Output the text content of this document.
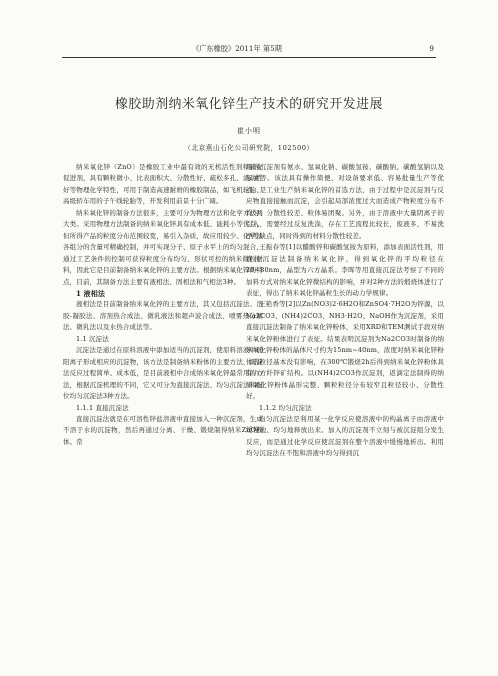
《广东橡胶》2011年 第5期	9
橡胶助剂纳米氧化锌生产技术的研究开发进展
崔小明
（北京燕山石化公司研究院，102500）

纳米氧化锌（ZnO）是橡胶工业中最有效的无机活性剂和硫化促进剂，具有颗粒微小、比表面积大、分散性好、疏松多孔、流动性好等物理化学特性，可用于制造高速耐磨的橡胶制品，如飞机轮胎、高级轿车用的子午线轮胎等，开发利用前景十分广阔。

纳米氧化锌的制备方法很多，主要可分为物理方法和化学方法两大类。采用物理方法制备的纳米氧化锌具有成本低、能耗小等优点，但所得产品的粒度分布范围较宽，易引入杂质，故应用较少。化学法各组分的含量可精确控制，并可实现分子、原子水平上的均匀混合，通过工艺条件的控制可获得粒度分布均匀、形状可控的纳米微粒材料，因此它是目前制备纳米氧化锌的主要方法。根据纳米氧化锌的特点，目前，其制备方法主要有液相法、固相法和气相法3种。

1 液相法

液相法是目前制备纳米氧化锌的主要方法，其又包括沉淀法、溶胶-凝胶法、溶剂热合成法、微乳液法和超声波合成法、喷雾热分解法、微乳法以及水热合成法等。

1.1 沉淀法

沉淀法是通过在原料溶液中添加适当的沉淀剂，使原料溶液中的阳离子形成相应的沉淀物，该方法是制备纳米粉体的主要方法，沉淀法反应过程简单、成本低，是目前液相中合成纳米氧化锌最常用的方法，根据沉淀机理的不同，它又可分为直接沉淀法、均匀沉淀法和配位均匀沉淀法3种方法。

1.1.1 直接沉淀法

直接沉淀法就是在可溶性锌盐溶液中直接加入一种沉淀剂，生成不溶于水的沉淀物，然后再通过分离、干燥、锻烧制得纳米ZnO粉体。常

用的沉淀剂有氨水、氢氧化钠、碳酸氢铵、碳酸钠、碳酸氢钠以及尿素等。该法具有操作简便、对设备要求低、容易批量生产等优点，是工业生产纳米氧化锌的首选方法，由于过程中是沉淀剂与反应物直接接触而沉淀，会引起局部浓度过大而造成产物粒度分布不均匀、分散性较差、粒体易团聚。另外，由于溶液中大量阴离子的引入，需要经过反复洗涤，存在工艺流程比较长，废液多，不易洗净等缺点，同时得到的材料分散性较差。

王振春等[1]以醋酸锌和碳酸氢铵为原料，添加表面活性剂，用直接沉淀法制备纳米氧化锌，得到氧化锌的平均粒径在20~80nm，晶型为六方晶系。李晖等用直接沉淀法考察了不同的加料方式对纳米氧化锌微结构的影响，并对2种方法的煅烧体进行了表征，得出了纳米氧化锌晶粒生长的动力学规律。

王艳香等[2]以Zn(NO3)2·6H2O和ZnSO4·7H2O为锌源，以Na2CO3、(NH4)2CO3、NH3·H2O、NaOH作为沉淀剂，采用直接沉淀法制备了纳米氧化锌粉体，采用XRD和TEM测试手段对纳米氧化锌粉体进行了表征。结果表明沉淀剂为Na2CO3时制备的纳米氧化锌粉体的晶体尺寸约为15nm~40nm，浓度对纳米氧化锌粉体的粒径基本没有影响，在300℃锻烧2h后得到纳米氧化锌粉体具有六方纤锌矿结构。以(NH4)2CO3作沉淀剂，返滴定法制得的纳米氧化锌粉体晶形完整、颗粒粒径分布较窄且粒径较小、分散性好。

1.1.2 均匀沉淀法

均匀沉淀法是利用某一化学反应使溶液中的构晶离子由溶液中缓慢地、均匀地释放出来。加入的沉淀剂不立刻与被沉淀组分发生反应，而是通过化学反应使沉淀剂在整个溶液中缓慢地析出。利用均匀沉淀法在不饱和溶液中均匀得到沉
